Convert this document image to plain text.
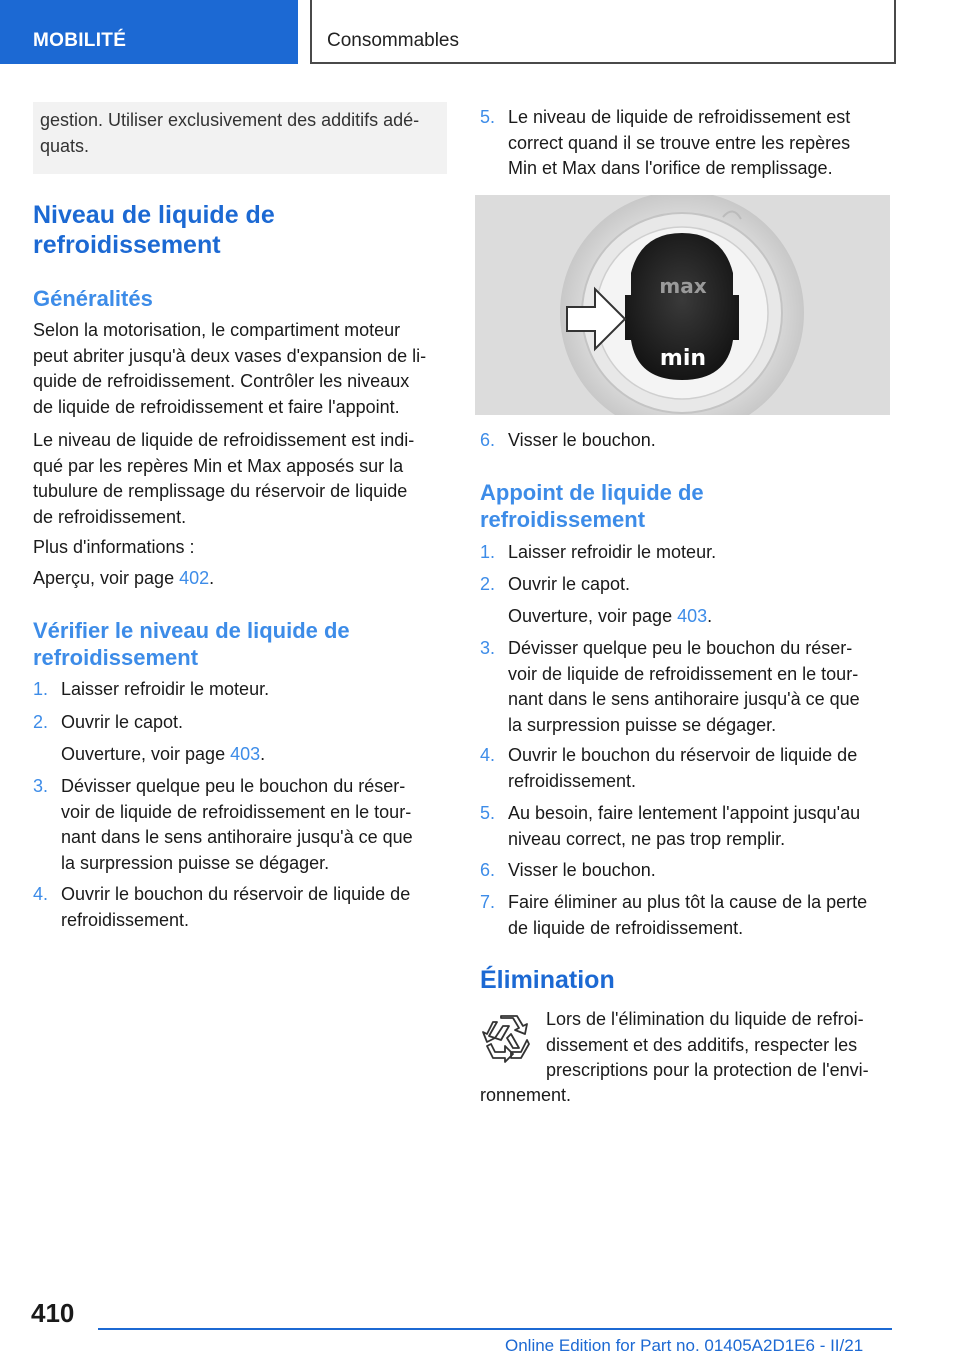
MOBILITÉ	Consommables
gestion. Utiliser exclusivement des additifs adé-
quats.
Niveau de liquide de
refroidissement
Généralités
Selon la motorisation, le compartiment moteur
peut abriter jusqu'à deux vases d'expansion de li-
quide de refroidissement. Contrôler les niveaux
de liquide de refroidissement et faire l'appoint.
Le niveau de liquide de refroidissement est indi-
qué par les repères Min et Max apposés sur la
tubulure de remplissage du réservoir de liquide
de refroidissement.
Plus d'informations :
Aperçu, voir page 402.
Vérifier le niveau de liquide de
refroidissement
1. Laisser refroidir le moteur.
2. Ouvrir le capot.
Ouverture, voir page 403.
3. Dévisser quelque peu le bouchon du réser-
voir de liquide de refroidissement en le tour-
nant dans le sens antihoraire jusqu'à ce que
la surpression puisse se dégager.
4. Ouvrir le bouchon du réservoir de liquide de
refroidissement.
5. Le niveau de liquide de refroidissement est
correct quand il se trouve entre les repères
Min et Max dans l'orifice de remplissage.
max
min
6. Visser le bouchon.
Appoint de liquide de
refroidissement
1. Laisser refroidir le moteur.
2. Ouvrir le capot.
Ouverture, voir page 403.
3. Dévisser quelque peu le bouchon du réser-
voir de liquide de refroidissement en le tour-
nant dans le sens antihoraire jusqu'à ce que
la surpression puisse se dégager.
4. Ouvrir le bouchon du réservoir de liquide de
refroidissement.
5. Au besoin, faire lentement l'appoint jusqu'au
niveau correct, ne pas trop remplir.
6. Visser le bouchon.
7. Faire éliminer au plus tôt la cause de la perte
de liquide de refroidissement.
Élimination
Lors de l'élimination du liquide de refroi-
dissement et des additifs, respecter les
prescriptions pour la protection de l'envi-
ronnement.
410
Online Edition for Part no. 01405A2D1E6 - II/21
